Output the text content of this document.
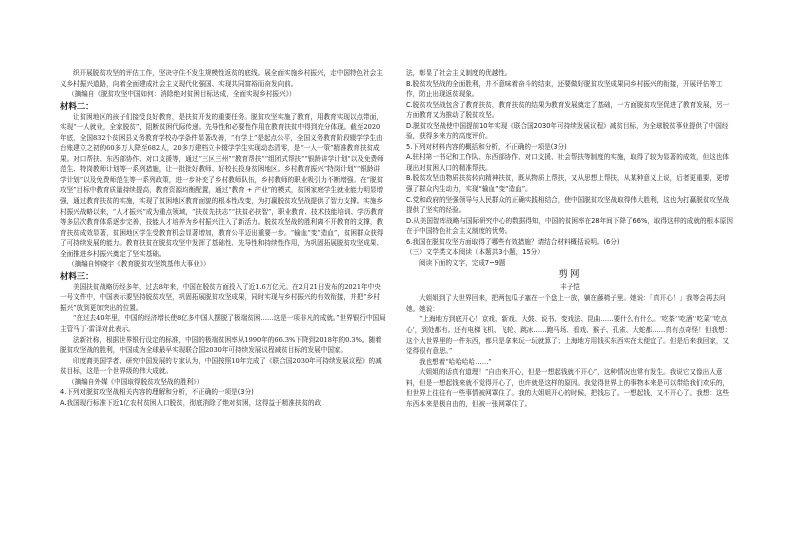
织开展脱贫攻坚的评估工作，坚决守住不发生规模性返贫的底线。展全面实施乡村振兴，走中国特色社会主义乡村振兴道路，向着全面建成社会主义现代化强国、实现共同富裕而奋发向前。

（摘编自《脱贫攻坚中国如何：消除绝对贫困目标达成，全面实现乡村振兴》）

材料二：

让贫困地区的孩子们接受良好教育，是扶贫开发的重要任务。脱贫攻坚实施了教育，用教育实现以点带面，实现“一人就业，全家脱贫”，阻断贫困代际传递。先导性和必要性作用在教育扶贫中得到充分体现。截至2020年底，全国832个贫困县义务教育学校办学条件显著改善，“有学上”是起点公平，全国义务教育阶段辍学学生由台账建立之初的60多万人降至682人，20多万建档立卡辍学学生实现动态清零，是“一人一策”精准教育扶贫成果。对口帮扶、东西部协作、对口支援等，通过“三区三州”“教育帮扶”“组团式帮扶”“银龄讲学计划”以及免费师范生、特岗教师计划等一系列措施，让一批批好教师、好校长投身贫困地区。乡村教育振兴“特岗计划”“银龄讲学计划”以及免费师范生等一系列政策，进一步补充了乡村教师队伍，乡村教师的职业吸引力不断增强。在“脱贫攻坚”目标中教育质量持续提高，教育资源均衡配置，通过“教育 + 产业”的模式，贫困家庭学生就业能力明显增强，通过教育扶贫的实施，实现了贫困地区教育面貌的根本性改变，为打赢脱贫攻坚战提供了智力支撑。实施乡村振兴战略以来，“人才振兴”成为重点领域，“扶贫先扶志”“扶贫必扶智”，职业教育、技术技能培训、学历教育等多层次教育体系逐步完善，技能人才培养为乡村振兴注入了新活力。脱贫攻坚战的胜利离不开教育的支撑，教育扶贫成效显著，贫困地区学生受教育机会显著增加，教育公平迈出重要一步。“输血”变“造血”，贫困群众获得了可持续发展的能力。教育扶贫在脱贫攻坚中发挥了基础性、先导性和持续性作用，为巩固拓展脱贫攻坚成果、全面推进乡村振兴奠定了坚实基础。

（摘编自钟晓宇《教育脱贫攻坚筑基伟大事业》）

材料三：

美国扶贫战略历经多年，过去8年来，中国在脱贫方面投入了近1.6万亿元。在2月21日发布的2021年中央一号文件中，中国表示要坚持脱贫攻坚，巩固拓展脱贫攻坚成果，同时实现与乡村振兴的有效衔接，并把“乡村振兴”放到更加突出的位置。

“在过去40年里，中国的经济增长使8亿多中国人摆脱了极端贫困……这是一项非凡的成就。”世界银行中国局主管马丁·雷泽对此表示。

法新社称，根据世界银行设定的标准，中国的极端贫困率从1990年的66.3%下降到2018年的0.3%。随着脱贫攻坚战的胜利，中国成为全球最早实现联合国2030年可持续发展议程减贫目标的发展中国家。

印度裔美国学者、研究中国发展的专家认为，中国按照10年完成了《联合国2030年可持续发展议程》的减贫目标，这是一个世界级的伟大成就。

（摘编自外媒《中国取得脱贫攻坚战的胜利》）

4.下列对脱贫攻坚战相关内容的理解和分析，不正确的一项是(3分)

A.我国现行标准下近1亿农村贫困人口脱贫，彻底消除了绝对贫困，这得益于精准扶贫的政

法，彰显了社会主义制度的优越性。

B.脱贫攻坚战的全面胜利，并不意味着奋斗的结束，还要做好脱贫攻坚成果同乡村振兴的衔接，开展评估等工作，防止出现返贫现象。

C.脱贫攻坚战包含了教育扶贫，教育扶贫的结果为教育发展奠定了基础，一方面脱贫攻坚促进了教育发展，另一方面教育又为推动了脱贫攻坚。

D.脱贫攻坚战使中国提前10年实现《联合国2030年可持续发展议程》减贫目标，为全球脱贫事业提供了中国经验，获得多来方的高度评价。

5.下列对材料内容的概括和分析，不正确的一项是(3分)

A.驻村第一书记和工作队、东西部协作、对口支援、社会帮扶等制度的实施，取得了较为显著的成效，但这也体现出对贫困人口的精准帮扶。

B.脱贫攻坚由物质扶贫转向精神扶贫，既从物质上帮扶，又从思想上帮扶，从某种意义上说，后者更重要，更增强了群众内生动力，实现“输血”变“造血”。

C.党和政府的坚强领导与人民群众的正确实践相结合，使中国脱贫攻坚战取得伟大胜利，这也为打赢脱贫攻坚战提供了坚实的经验。

D.从美国智库战略与国际研究中心的数据得知，中国的贫困率在28年间下降了66%，取得这样的成就的根本原因在于中国特色社会主义制度的优势。

6.我国在脱贫攻坚方面取得了哪些有效措施？请结合材料概括说明。(6分)

（三）文学类文本阅读（本题共3小题，15分）

阅读下面的文字，完成7~9题

剪网

丰子恺

大姐姐到了大世界回来，把两包瓜子塞在一个盘上一放，躺在藤椅子里。她说：「真开心！」我等会再去问她。她说：

“上海地方到底开心！京戏、新戏、大鼓、说书、变戏法、昆曲……要什么有什么。‘吃茶’‘吃酒’‘吃菜’‘吃点心’，到处都有。还有电梯飞机、飞轮、跳冰……跑马场、看戏、猴子、孔雀、大蛇都……真有点奇怪！但我想：这个大世界里的一件东西，都只是拿来玩一玩就算了；上海地方用钱买东西实在太便宜了。但是后来我回家，又觉得很有意思。”

我也想着“哈哈哈哈……”

大姐姐的话真有道理！“自由来开心，但是一想起钱就不开心”，这种情况也常有发生。我说它又像出人意料，但是一想起钱来就不觉得开心了，也许就是这样的原因。我觉得世界上的事物本来是可以带给我们欢乐的，但世界上往往有一些事情被网罩住了。我的大姐姐开心的时候，把钱忘了。一想起钱，又不开心了。我想：这些东西本来是极自由的，但被一张网罩住了。
